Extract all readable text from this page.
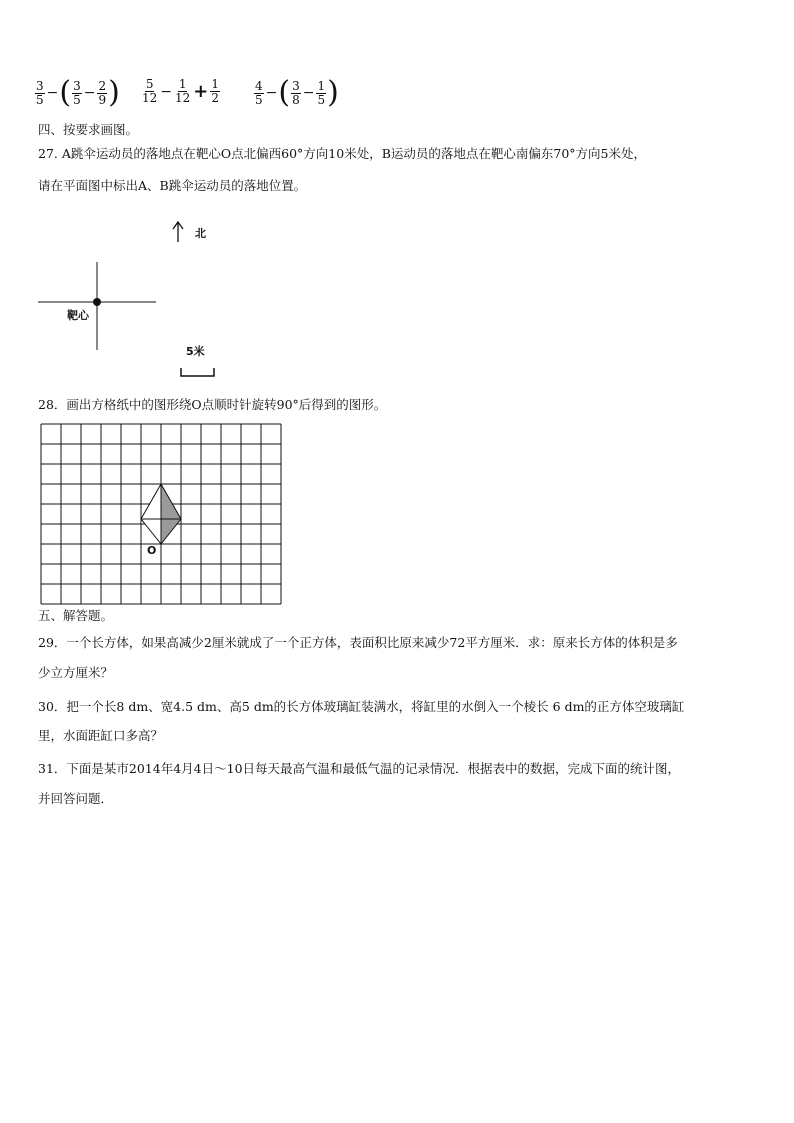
$\frac{3}{5}$ − ( $\frac{3}{5} - \frac{2}{9}$ ) $\frac{5}{12} - \frac{1}{12} + \frac{1}{2}$	$\frac{4}{5}$ − ( $\frac{3}{8} - \frac{1}{5}$ )
四、按要求画图。
27. A跳伞运动员的落地点在靶心O点北偏西60°方向10米处，B运动员的落地点在靶心南偏东70°方向5米处，
请在平面图中标出A、B跳伞运动员的落地位置。
北
靶心
5米
28．画出方格纸中的图形绕O点顺时针旋转90°后得到的图形。
O
五、解答题。
29．一个长方体，如果高减少2厘米就成了一个正方体，表面积比原来减少72平方厘米．求：原来长方体的体积是多
少立方厘米？
30．把一个长8 dm、宽4.5 dm、高5 dm的长方体玻璃缸装满水，将缸里的水倒入一个棱长 6 dm的正方体空玻璃缸
里，水面距缸口多高？
31．下面是某市2014年4月4日～10日每天最高气温和最低气温的记录情况．根据表中的数据，完成下面的统计图，
并回答问题．
